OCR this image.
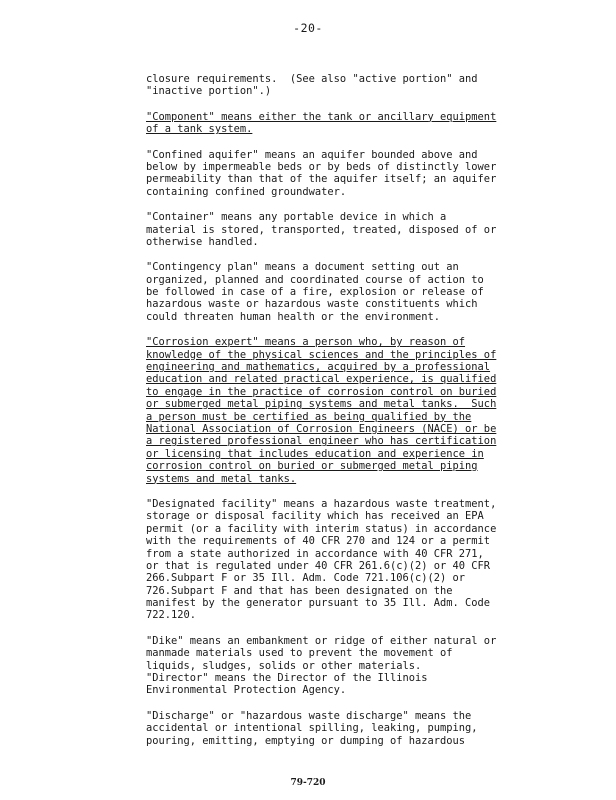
-20-

closure requirements.  (See also "active portion" and
"inactive portion".)

"Component" means either the tank or ancillary equipment
of a tank system.

"Confined aquifer" means an aquifer bounded above and
below by impermeable beds or by beds of distinctly lower
permeability than that of the aquifer itself; an aquifer
containing confined groundwater.

"Container" means any portable device in which a
material is stored, transported, treated, disposed of or
otherwise handled.

"Contingency plan" means a document setting out an
organized, planned and coordinated course of action to
be followed in case of a fire, explosion or release of
hazardous waste or hazardous waste constituents which
could threaten human health or the environment.

"Corrosion expert" means a person who, by reason of
knowledge of the physical sciences and the principles of
engineering and mathematics, acquired by a professional
education and related practical experience, is qualified
to engage in the practice of corrosion control on buried
or submerged metal piping systems and metal tanks.  Such
a person must be certified as being qualified by the
National Association of Corrosion Engineers (NACE) or be
a registered professional engineer who has certification
or licensing that includes education and experience in
corrosion control on buried or submerged metal piping
systems and metal tanks.

"Designated facility" means a hazardous waste treatment,
storage or disposal facility which has received an EPA
permit (or a facility with interim status) in accordance
with the requirements of 40 CFR 270 and 124 or a permit
from a state authorized in accordance with 40 CFR 271,
or that is regulated under 40 CFR 261.6(c)(2) or 40 CFR
266.Subpart F or 35 Ill. Adm. Code 721.106(c)(2) or
726.Subpart F and that has been designated on the
manifest by the generator pursuant to 35 Ill. Adm. Code
722.120.

"Dike" means an embankment or ridge of either natural or
manmade materials used to prevent the movement of
liquids, sludges, solids or other materials.

"Director" means the Director of the Illinois
Environmental Protection Agency.

"Discharge" or "hazardous waste discharge" means the
accidental or intentional spilling, leaking, pumping,
pouring, emitting, emptying or dumping of hazardous

79-720
